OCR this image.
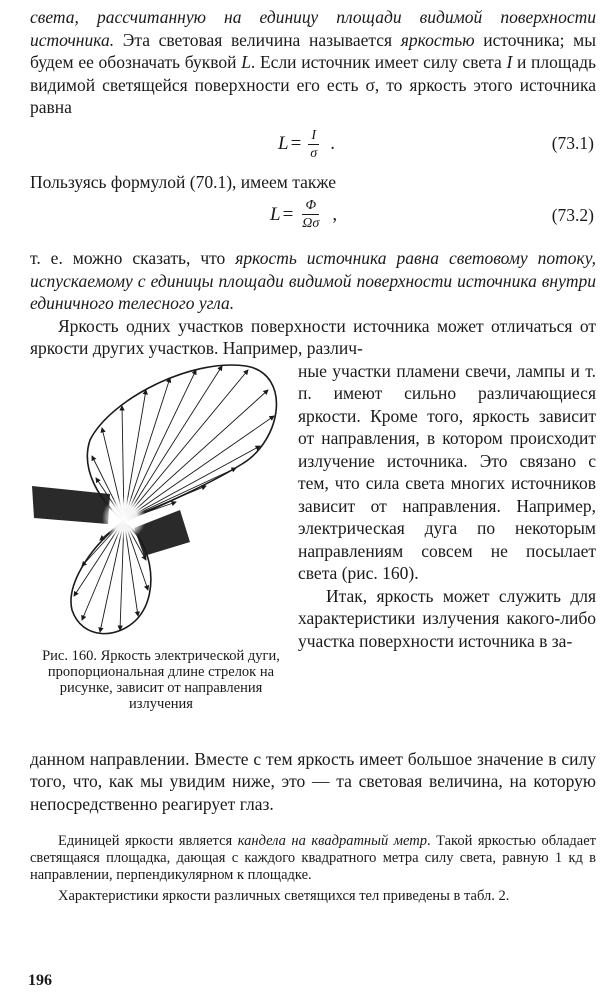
света, рассчитанную на единицу площади видимой поверхности источника. Эта световая величина называется яркостью источника; мы будем ее обозначать буквой L. Если источник имеет силу света I и площадь видимой светящейся поверхности его есть σ, то яркость этого источника равна

$L = \frac{I}{\sigma}$ .	(73.1)

Пользуясь формулой (70.1), имеем также

$L = \frac{\Phi}{\Omega\sigma}$ ,	(73.2)

т. е. можно сказать, что яркость источника равна световому потоку, испускаемому с единицы площади видимой поверхности источника внутри единичного телесного угла.

Яркость одних участков поверхности источника может отличаться от яркости других участков. Например, различ-

Рис. 160. Яркость электрической дуги, пропорциональная длине стрелок на рисунке, зависит от направления излучения

ные участки пламени свечи, лампы и т. п. имеют сильно различающиеся яркости. Кроме того, яркость зависит от направления, в котором происходит излучение источника. Это связано с тем, что сила света многих источников зависит от направления. Например, электрическая дуга по некоторым направлениям совсем не посылает света (рис. 160).

Итак, яркость может служить для характеристики излучения какого-либо участка поверхности источника в за-

данном направлении. Вместе с тем яркость имеет большое значение в силу того, что, как мы увидим ниже, это — та световая величина, на которую непосредственно реагирует глаз.

Единицей яркости является кандела на квадратный метр. Такой яркостью обладает светящаяся площадка, дающая с каждого квадратного метра силу света, равную 1 кд в направлении, перпендикулярном к площадке.

Характеристики яркости различных светящихся тел приведены в табл. 2.

196
